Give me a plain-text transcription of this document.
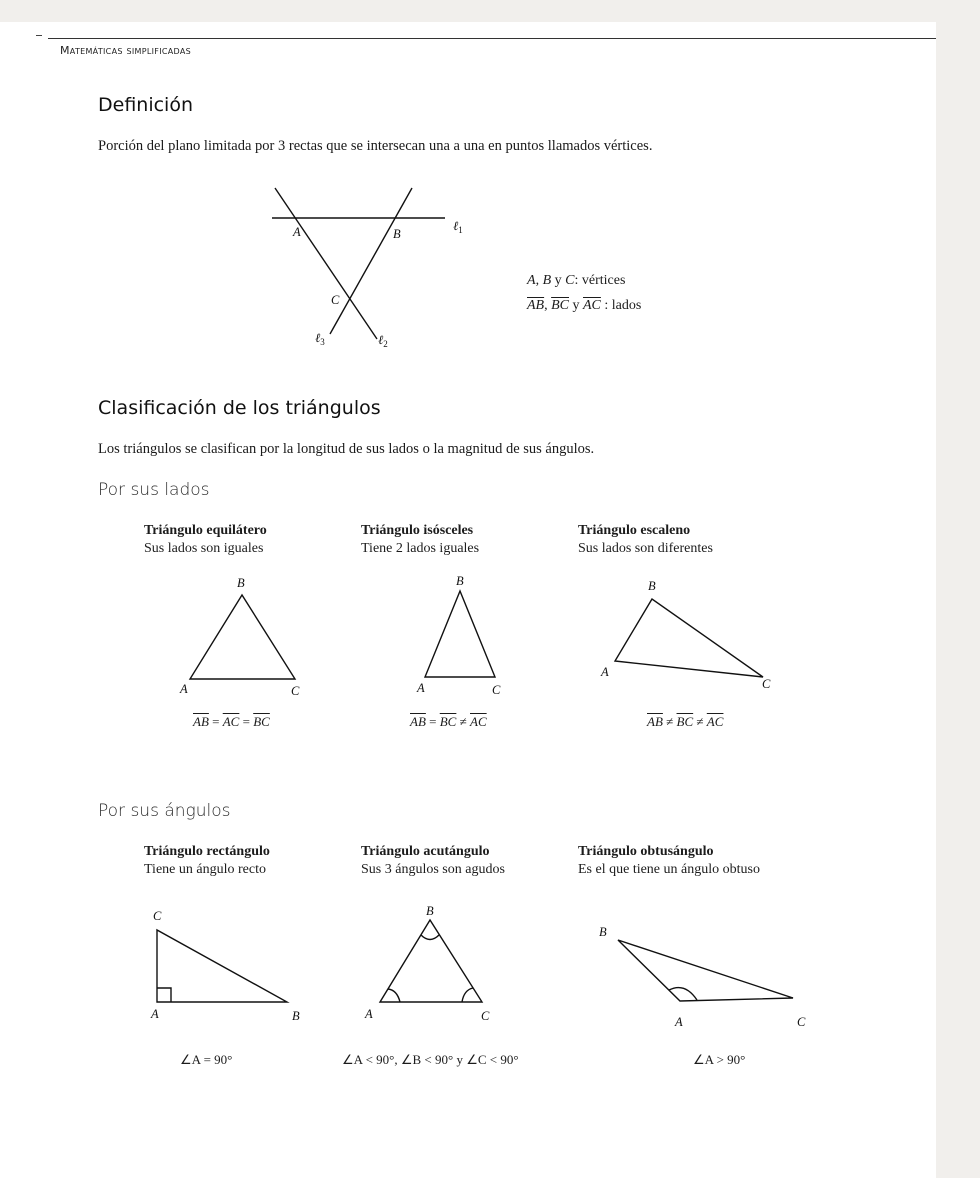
Matemáticas simplificadas
Definición

Porción del plano limitada por 3 rectas que se intersecan una a una en puntos llamados vértices.

A	B
C
ℓ$_1$
ℓ$_3$	ℓ$_2$
A, B y C: vértices
$\overline{AB}$, $\overline{BC}$ y $\overline{AC}$ : lados
Clasificación de los triángulos

Los triángulos se clasifican por la longitud de sus lados o la magnitud de sus ángulos.

Por sus lados
Triángulo equilátero
Sus lados son iguales
Triángulo isósceles
Tiene 2 lados iguales
Triángulo escaleno
Sus lados son diferentes
B
A	C
$\overline{AB} = \overline{AC} = \overline{BC}$
B
A	C
$\overline{AB} = \overline{BC} \ne \overline{AC}$
B
A
C
$\overline{AB} \ne \overline{BC} \ne \overline{AC}$
Por sus ángulos
Triángulo rectángulo
Tiene un ángulo recto
Triángulo acutángulo
Sus 3 ángulos son agudos
Triángulo obtusángulo
Es el que tiene un ángulo obtuso
C
A	B
∠A = 90°
B
A	C
∠A < 90°, ∠B < 90° y ∠C < 90°
B
A	C
∠A > 90°
